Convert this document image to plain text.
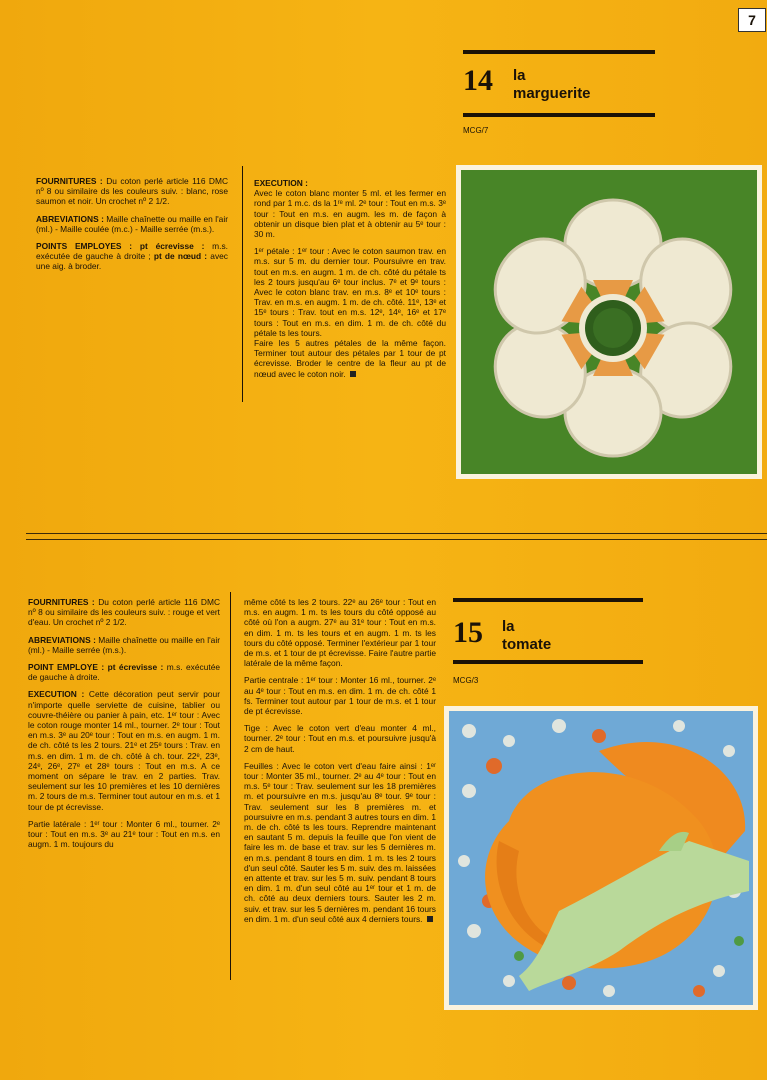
7
14 la
marguerite
MCG/7

FOURNITURES : Du coton perlé article 116 DMC nº 8 ou similaire ds les couleurs suiv. : blanc, rose saumon et noir. Un crochet nº 2 1/2.

ABREVIATIONS : Maille chaînette ou maille en l'air (ml.) - Maille coulée (m.c.) - Maille serrée (m.s.).

POINTS EMPLOYES : pt écrevisse : m.s. exécutée de gauche à droite ; pt de nœud : avec une aig. à broder.

EXECUTION :
Avec le coton blanc monter 5 ml. et les fermer en rond par 1 m.c. ds la 1ʳᵉ ml. 2ᵉ tour : Tout en m.s. 3ᵉ tour : Tout en m.s. en augm. les m. de façon à obtenir un disque bien plat et à obtenir au 5ᵉ tour : 30 m.

1ᵉʳ pétale : 1ᵉʳ tour : Avec le coton saumon trav. en m.s. sur 5 m. du dernier tour. Poursuivre en trav. tout en m.s. en augm. 1 m. de ch. côté du pétale ts les 2 tours jusqu'au 6ᵉ tour inclus. 7ᵉ et 9ᵉ tours : Avec le coton blanc trav. en m.s. 8ᵉ et 10ᵉ tours : Trav. en m.s. en augm. 1 m. de ch. côté. 11ᵉ, 13ᵉ et 15ᵉ tours : Trav. tout en m.s. 12ᵉ, 14ᵉ, 16ᵉ et 17ᵉ tours : Tout en m.s. en dim. 1 m. de ch. côté du pétale ts les tours.

Faire les 5 autres pétales de la même façon. Terminer tout autour des pétales par 1 tour de pt écrevisse. Broder le centre de la fleur au pt de nœud avec le coton noir.

15 la
tomate
MCG/3

FOURNITURES : Du coton perlé article 116 DMC nº 8 ou similaire ds les couleurs suiv. : rouge et vert d'eau. Un crochet nº 2 1/2.

ABREVIATIONS : Maille chaînette ou maille en l'air (ml.) - Maille serrée (m.s.).

POINT EMPLOYE : pt écrevisse : m.s. exécutée de gauche à droite.

EXECUTION : Cette décoration peut servir pour n'importe quelle serviette de cuisine, tablier ou couvre-théière ou panier à pain, etc. 1ᵉʳ tour : Avec le coton rouge monter 14 ml., tourner. 2ᵉ tour : Tout en m.s. 3ᵉ au 20ᵉ tour : Tout en m.s. en augm. 1 m. de ch. côté ts les 2 tours. 21ᵉ et 25ᵉ tours : Trav. en m.s. en dim. 1 m. de ch. côté à ch. tour. 22ᵉ, 23ᵉ, 24ᵉ, 26ᵉ, 27ᵉ et 28ᵉ tours : Tout en m.s. A ce moment on sépare le trav. en 2 parties. Trav. seulement sur les 10 premières et les 10 dernières m. 2 tours de m.s. Terminer tout autour en m.s. et 1 tour de pt écrevisse.

Partie latérale : 1ᵉʳ tour : Monter 6 ml., tourner. 2ᵉ tour : Tout en m.s. 3ᵉ au 21ᵉ tour : Tout en m.s. en augm. 1 m. toujours du

même côté ts les 2 tours. 22ᵉ au 26ᵉ tour : Tout en m.s. en augm. 1 m. ts les tours du côté opposé au côté où l'on a augm. 27ᵉ au 31ᵉ tour : Tout en m.s. en dim. 1 m. ts les tours et en augm. 1 m. ts les tours du côté opposé. Terminer l'extérieur par 1 tour de m.s. et 1 tour de pt écrevisse. Faire l'autre partie latérale de la même façon.

Partie centrale : 1ᵉʳ tour : Monter 16 ml., tourner. 2ᵉ au 4ᵉ tour : Tout en m.s. en dim. 1 m. de ch. côté 1 fs. Terminer tout autour par 1 tour de m.s. et 1 tour de pt écrevisse.

Tige : Avec le coton vert d'eau monter 4 ml., tourner. 2ᵉ tour : Tout en m.s. et poursuivre jusqu'à 2 cm de haut.

Feuilles : Avec le coton vert d'eau faire ainsi : 1ᵉʳ tour : Monter 35 ml., tourner. 2ᵉ au 4ᵉ tour : Tout en m.s. 5ᵉ tour : Trav. seulement sur les 18 premières m. et poursuivre en m.s. jusqu'au 8ᵉ tour. 9ᵉ tour : Trav. seulement sur les 8 premières m. et poursuivre en m.s. pendant 3 autres tours en dim. 1 m. de ch. côté ts les tours. Reprendre maintenant en sautant 5 m. depuis la feuille que l'on vient de faire les m. de base et trav. sur les 5 dernières m. en m.s. pendant 8 tours en dim. 1 m. ts les 2 tours d'un seul côté. Sauter les 5 m. suiv. des m. laissées en attente et trav. sur les 5 m. suiv. pendant 8 tours en dim. 1 m. d'un seul côté au 1ᵉʳ tour et 1 m. de ch. côté au deux derniers tours. Sauter les 2 m. suiv. et trav. sur les 5 dernières m. pendant 16 tours en dim. 1 m. d'un seul côté aux 4 derniers tours.
